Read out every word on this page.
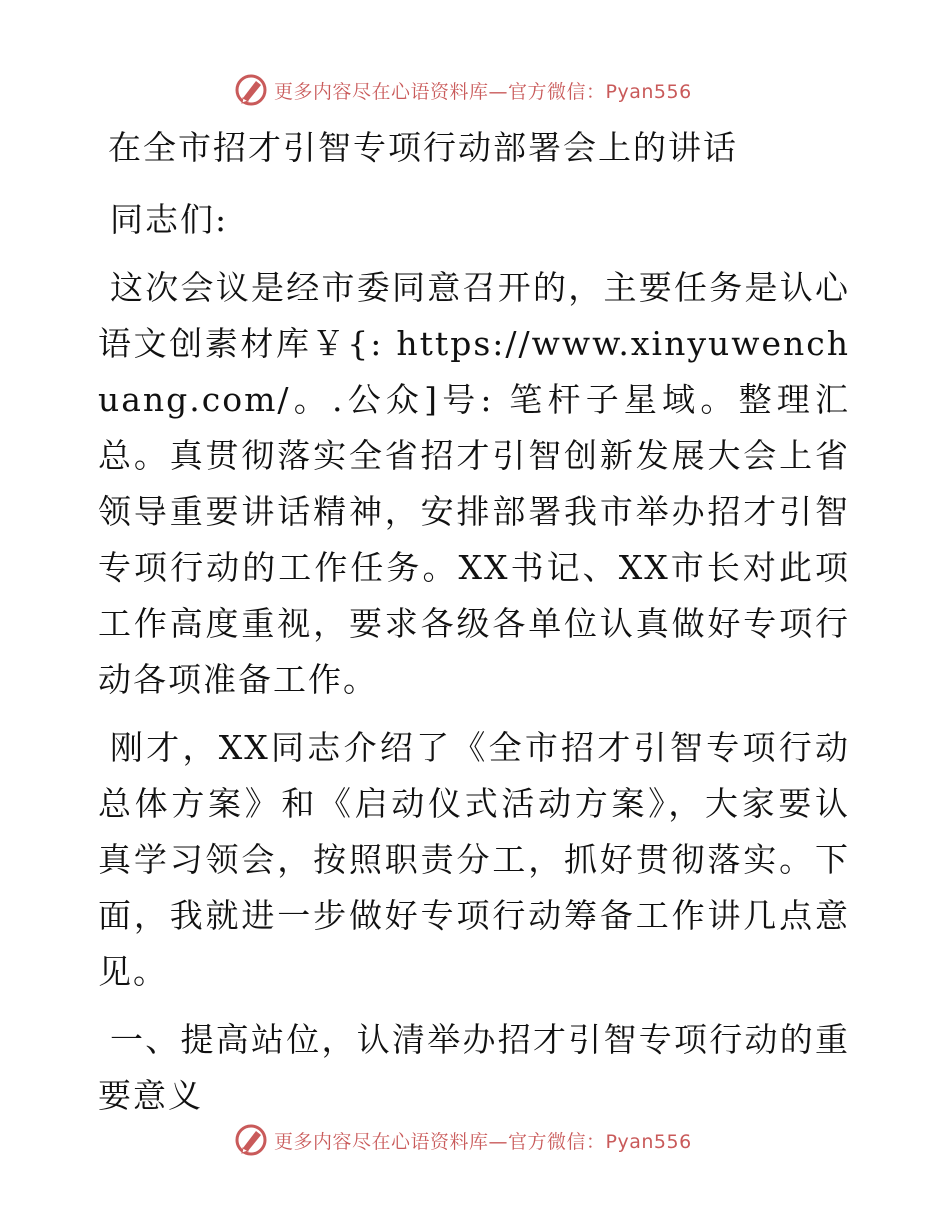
更多内容尽在心语资料库—官方微信：Pyan556
在全市招才引智专项行动部署会上的讲话

同志们:

这次会议是经市委同意召开的，主要任务是认心语文创素材库￥{: https://www.xinyuwenchuang.com/。.公众]号: 笔杆子星域。整理汇总。真贯彻落实全省招才引智创新发展大会上省领导重要讲话精神，安排部署我市举办招才引智专项行动的工作任务。XX书记、XX市长对此项工作高度重视，要求各级各单位认真做好专项行动各项准备工作。

刚才，XX同志介绍了《全市招才引智专项行动总体方案》和《启动仪式活动方案》，大家要认真学习领会，按照职责分工，抓好贯彻落实。下面，我就进一步做好专项行动筹备工作讲几点意见。

一、提高站位，认清举办招才引智专项行动的重要意义

更多内容尽在心语资料库—官方微信：Pyan556
